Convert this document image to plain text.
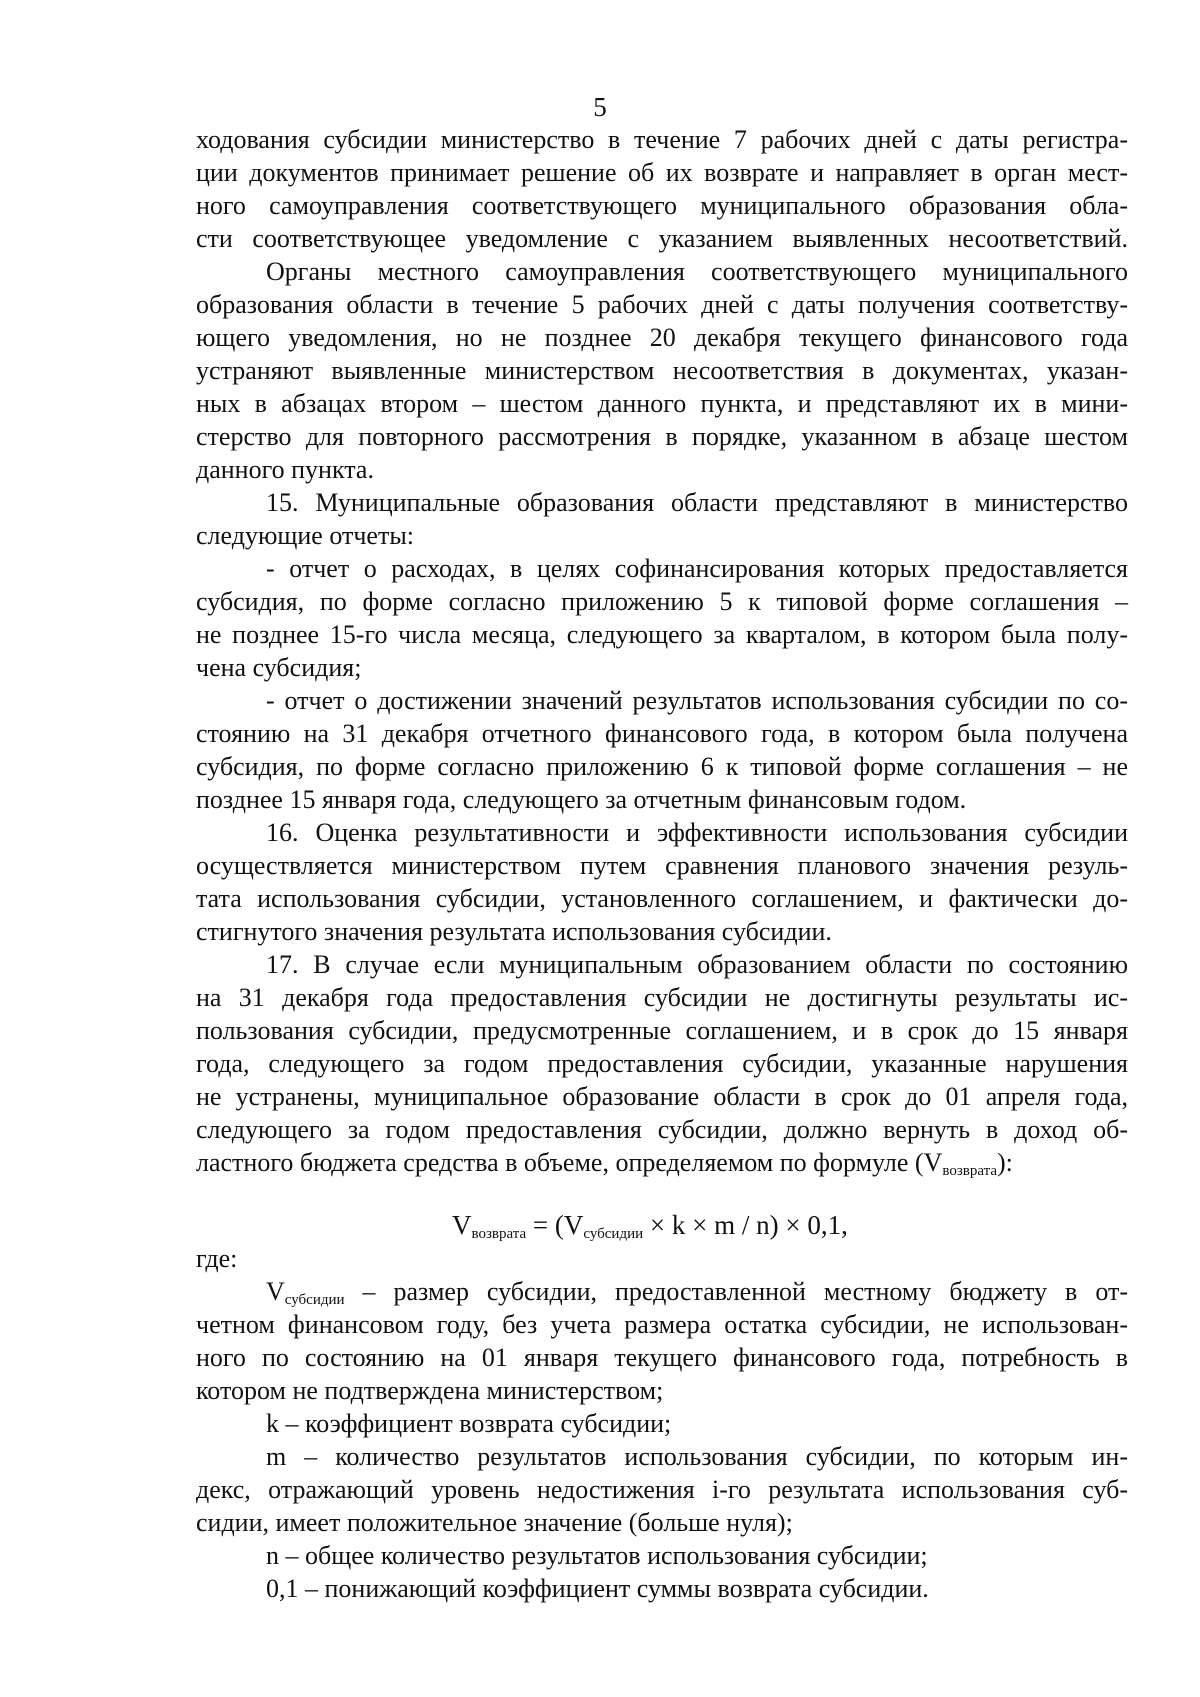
5
ходования субсидии министерство в течение 7 рабочих дней с даты регистра-
ции документов принимает решение об их возврате и направляет в орган мест-
ного самоуправления соответствующего муниципального образования обла-
сти соответствующее уведомление с указанием выявленных несоответствий.
Органы местного самоуправления соответствующего муниципального
образования области в течение 5 рабочих дней с даты получения соответству-
ющего уведомления, но не позднее 20 декабря текущего финансового года
устраняют выявленные министерством несоответствия в документах, указан-
ных в абзацах втором – шестом данного пункта, и представляют их в мини-
стерство для повторного рассмотрения в порядке, указанном в абзаце шестом
данного пункта.
15. Муниципальные образования области представляют в министерство
следующие отчеты:
- отчет о расходах, в целях софинансирования которых предоставляется
субсидия, по форме согласно приложению 5 к типовой форме соглашения –
не позднее 15-го числа месяца, следующего за кварталом, в котором была полу-
чена субсидия;
- отчет о достижении значений результатов использования субсидии по со-
стоянию на 31 декабря отчетного финансового года, в котором была получена
субсидия, по форме согласно приложению 6 к типовой форме соглашения – не
позднее 15 января года, следующего за отчетным финансовым годом.
16. Оценка результативности и эффективности использования субсидии
осуществляется министерством путем сравнения планового значения резуль-
тата использования субсидии, установленного соглашением, и фактически до-
стигнутого значения результата использования субсидии.
17. В случае если муниципальным образованием области по состоянию
на 31 декабря года предоставления субсидии не достигнуты результаты ис-
пользования субсидии, предусмотренные соглашением, и в срок до 15 января
года, следующего за годом предоставления субсидии, указанные нарушения
не устранены, муниципальное образование области в срок до 01 апреля года,
следующего за годом предоставления субсидии, должно вернуть в доход об-
ластного бюджета средства в объеме, определяемом по формуле $(V_{возврата})$:
$V_{возврата} = (V_{субсидии} \times k \times m / n) \times 0,1$,
где:
$V_{субсидии}$ – размер субсидии, предоставленной местному бюджету в от-
четном финансовом году, без учета размера остатка субсидии, не использован-
ного по состоянию на 01 января текущего финансового года, потребность в
котором не подтверждена министерством;
k – коэффициент возврата субсидии;
m – количество результатов использования субсидии, по которым ин-
декс, отражающий уровень недостижения i-го результата использования суб-
сидии, имеет положительное значение (больше нуля);
n – общее количество результатов использования субсидии;
0,1 – понижающий коэффициент суммы возврата субсидии.
